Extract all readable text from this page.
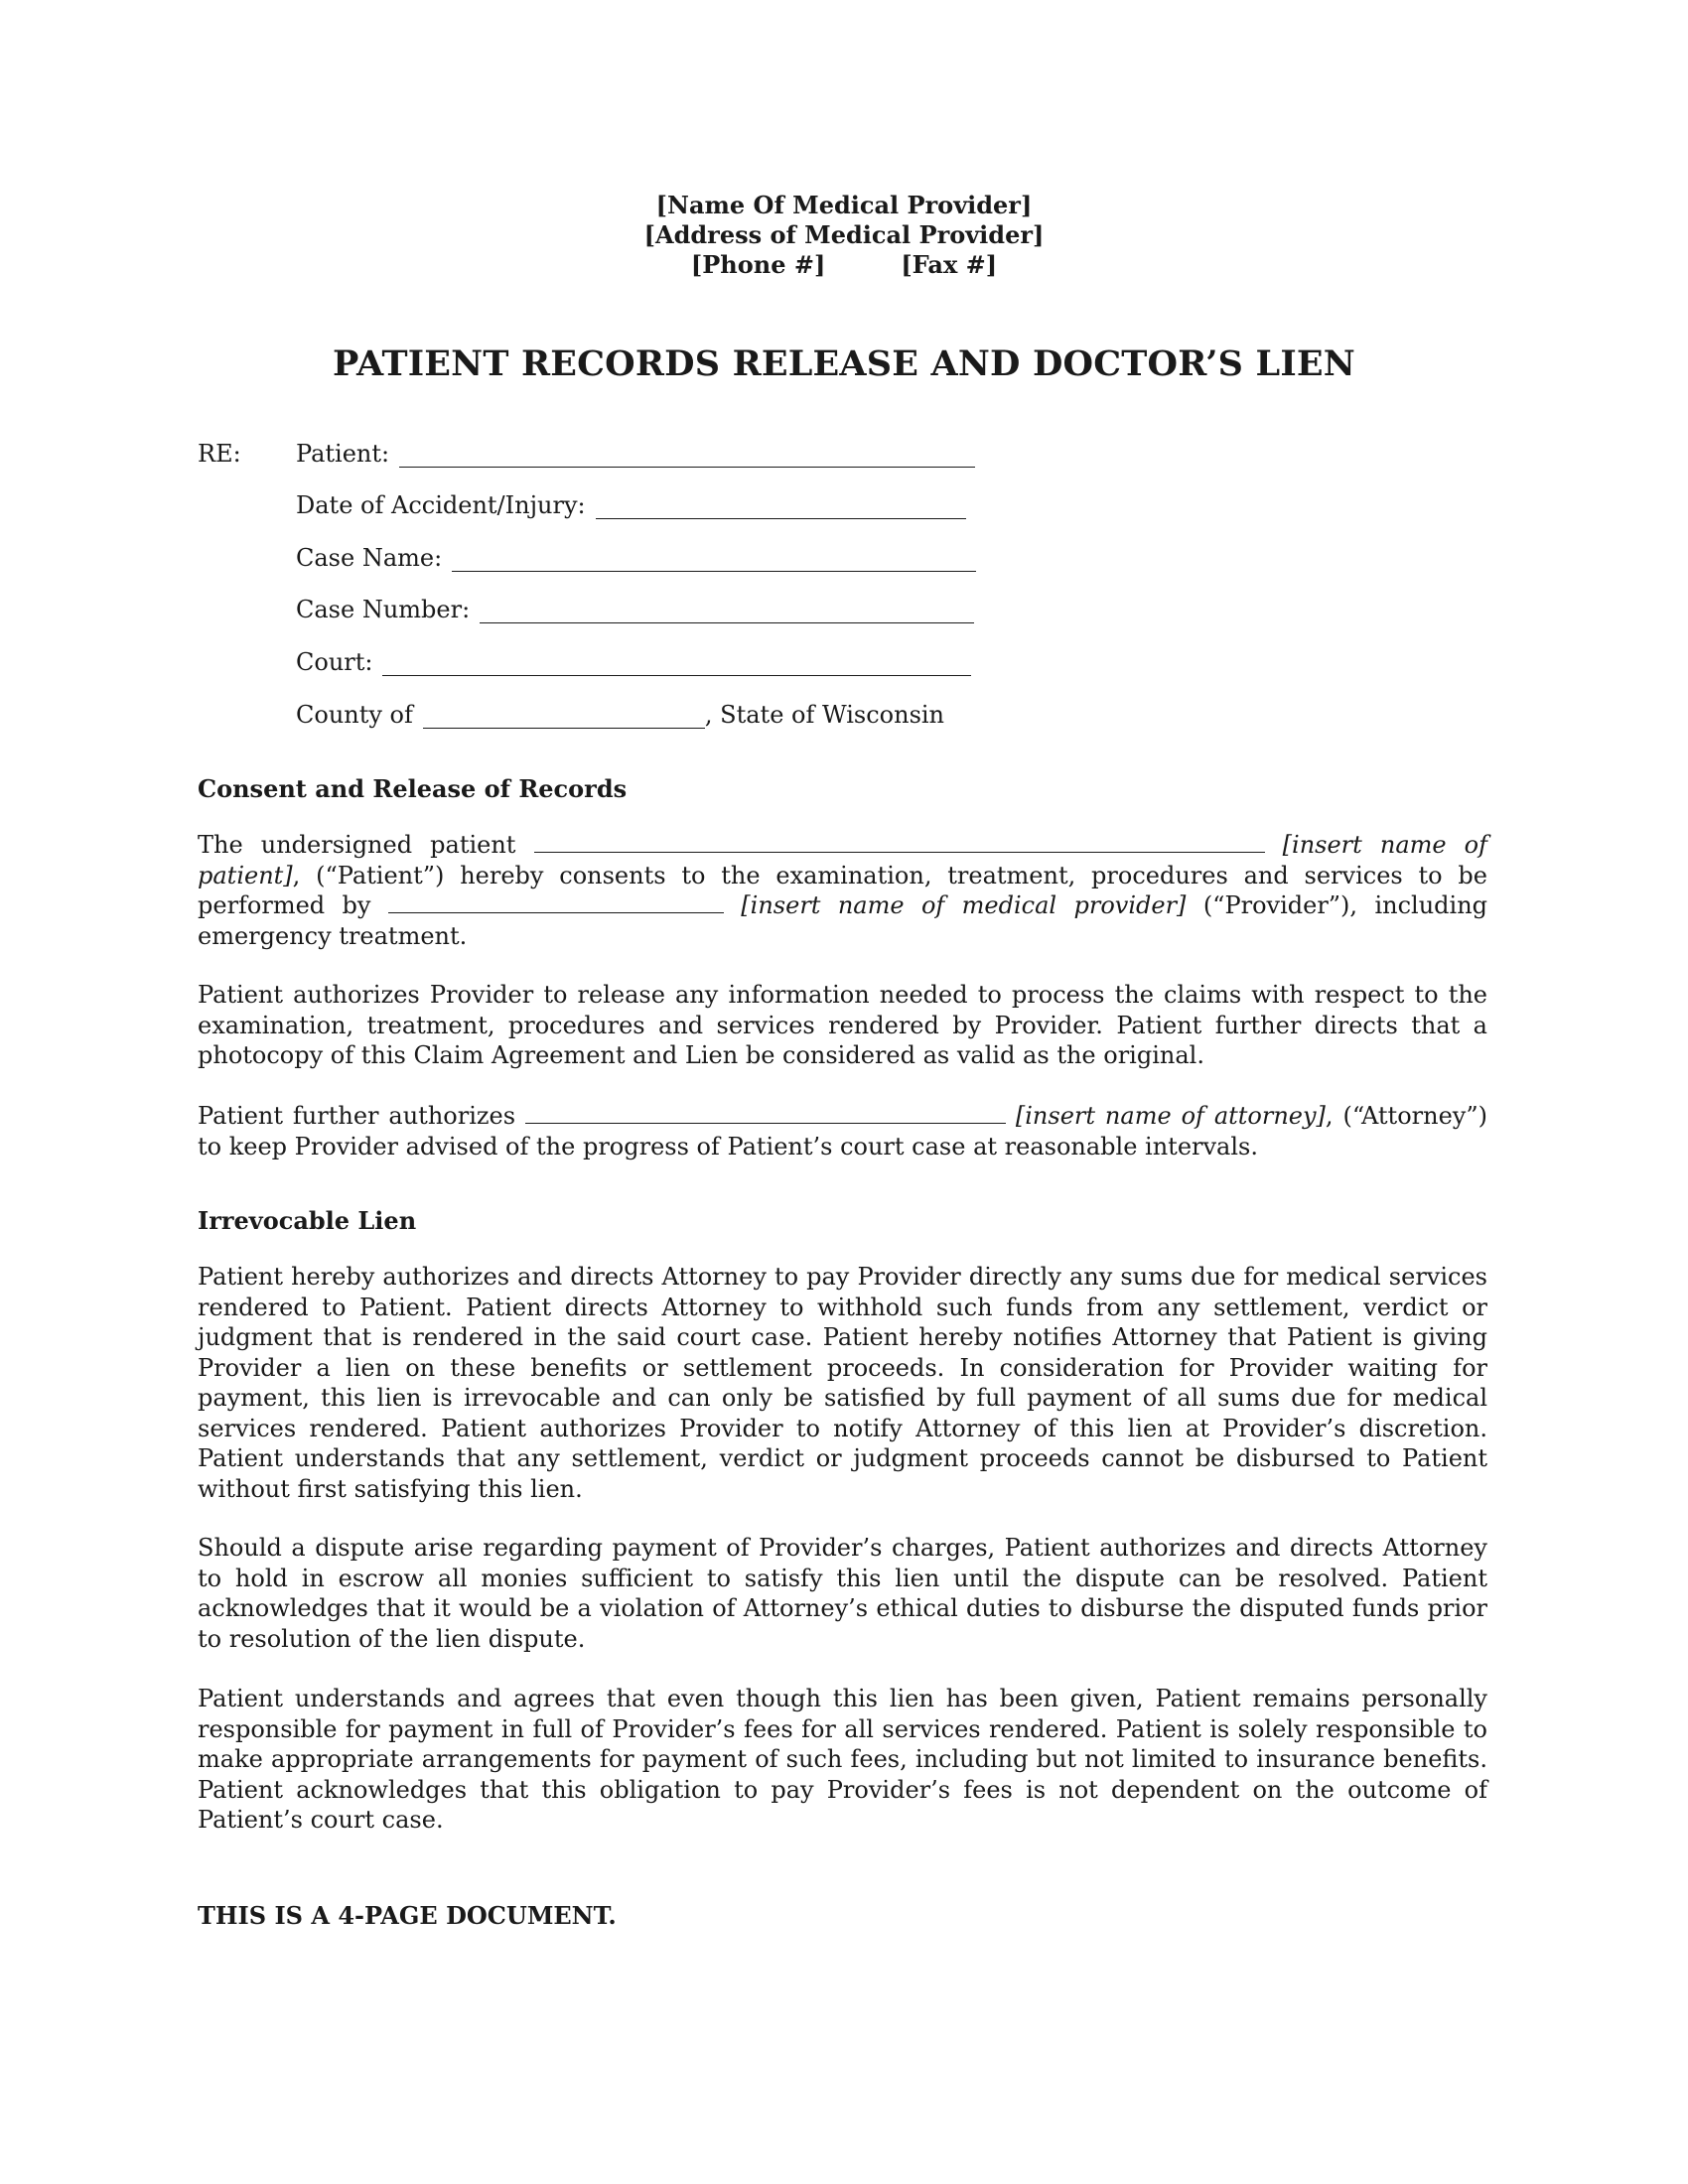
[Name Of Medical Provider]
[Address of Medical Provider]
[Phone #]	[Fax #]
PATIENT RECORDS RELEASE AND DOCTOR’S LIEN
RE: Patient:
Date of Accident/Injury:
Case Name:
Case Number:
Court:
County of	, State of Wisconsin
Consent and Release of Records
The undersigned patient	[insert name of patient], (“Patient”) hereby consents to the examination, treatment, procedures and services to be performed by	[insert name of medical provider] (“Provider”), including emergency treatment.
Patient authorizes Provider to release any information needed to process the claims with respect to the examination, treatment, procedures and services rendered by Provider. Patient further directs that a photocopy of this Claim Agreement and Lien be considered as valid as the original.
Patient further authorizes	[insert name of attorney], (“Attorney”) to keep Provider advised of the progress of Patient’s court case at reasonable intervals.
Irrevocable Lien
Patient hereby authorizes and directs Attorney to pay Provider directly any sums due for medical services rendered to Patient. Patient directs Attorney to withhold such funds from any settlement, verdict or judgment that is rendered in the said court case. Patient hereby notifies Attorney that Patient is giving Provider a lien on these benefits or settlement proceeds. In consideration for Provider waiting for payment, this lien is irrevocable and can only be satisfied by full payment of all sums due for medical services rendered. Patient authorizes Provider to notify Attorney of this lien at Provider’s discretion. Patient understands that any settlement, verdict or judgment proceeds cannot be disbursed to Patient without first satisfying this lien.
Should a dispute arise regarding payment of Provider’s charges, Patient authorizes and directs Attorney to hold in escrow all monies sufficient to satisfy this lien until the dispute can be resolved. Patient acknowledges that it would be a violation of Attorney’s ethical duties to disburse the disputed funds prior to resolution of the lien dispute.
Patient understands and agrees that even though this lien has been given, Patient remains personally responsible for payment in full of Provider’s fees for all services rendered. Patient is solely responsible to make appropriate arrangements for payment of such fees, including but not limited to insurance benefits. Patient acknowledges that this obligation to pay Provider’s fees is not dependent on the outcome of Patient’s court case.
THIS IS A 4-PAGE DOCUMENT.
